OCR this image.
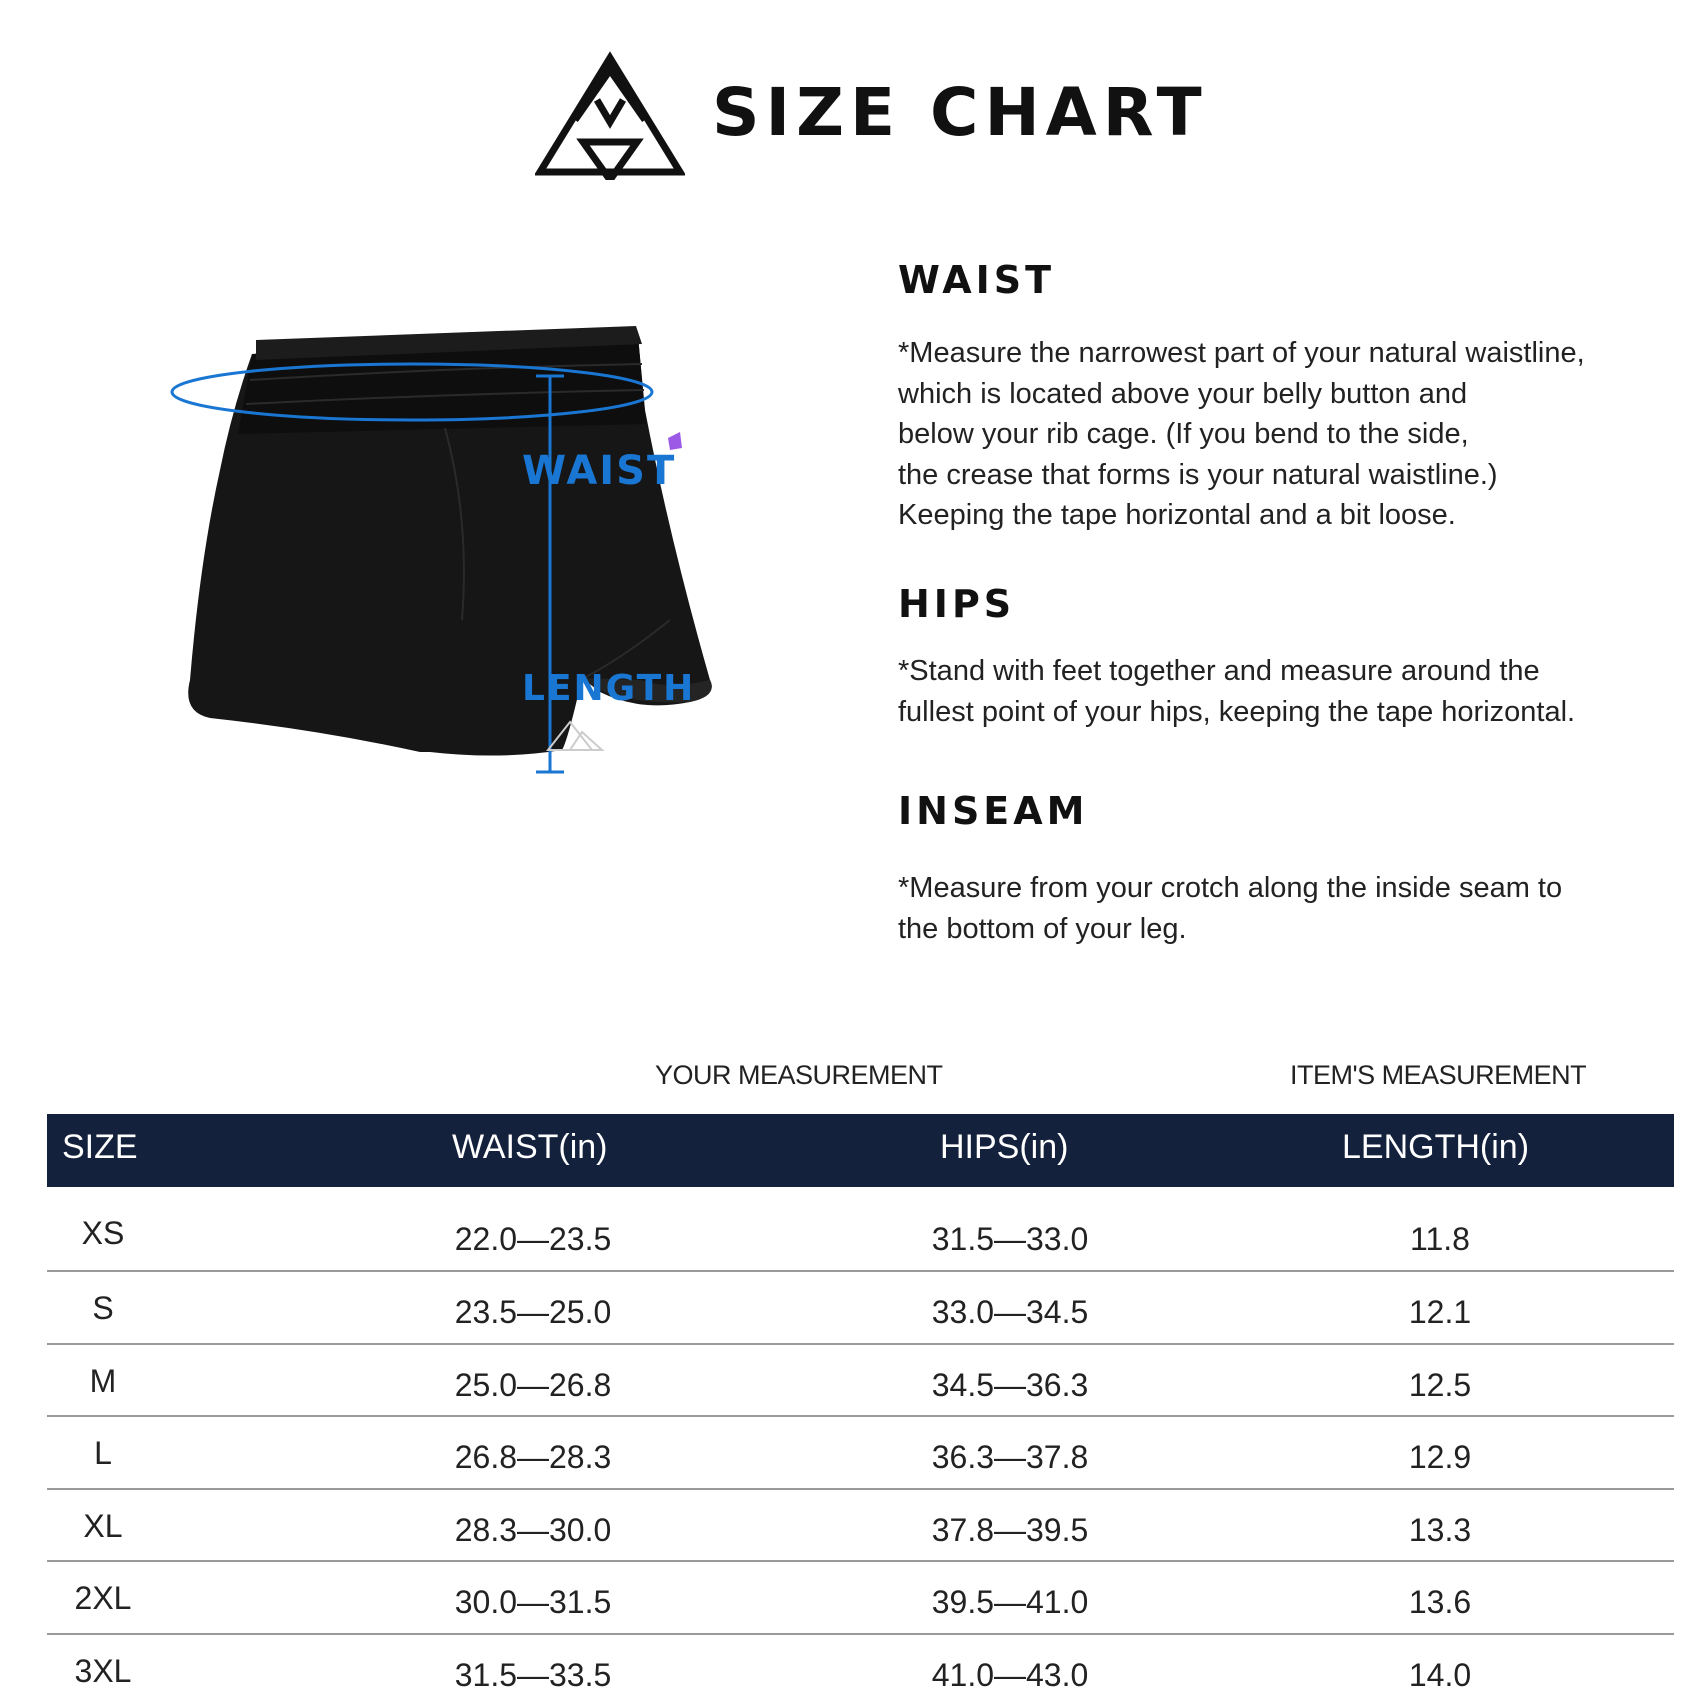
SIZE CHART
WAIST
LENGTH
WAIST

*Measure the narrowest part of your natural waistline,
which is located above your belly button and
below your rib cage. (If you bend to the side,
the crease that forms is your natural waistline.)
Keeping the tape horizontal and a bit loose.

HIPS

*Stand with feet together and measure around the
fullest point of your hips, keeping the tape horizontal.

INSEAM

*Measure from your crotch along the inside seam to
the bottom of your leg.

YOUR MEASUREMENT	ITEM'S MEASUREMENT
SIZE	WAIST(in)	HIPS(in)	LENGTH(in)
XS	22.0—23.5	31.5—33.0	11.8
S	23.5—25.0	33.0—34.5	12.1
M	25.0—26.8	34.5—36.3	12.5
L	26.8—28.3	36.3—37.8	12.9
XL	28.3—30.0	37.8—39.5	13.3
2XL	30.0—31.5	39.5—41.0	13.6
3XL	31.5—33.5	41.0—43.0	14.0
